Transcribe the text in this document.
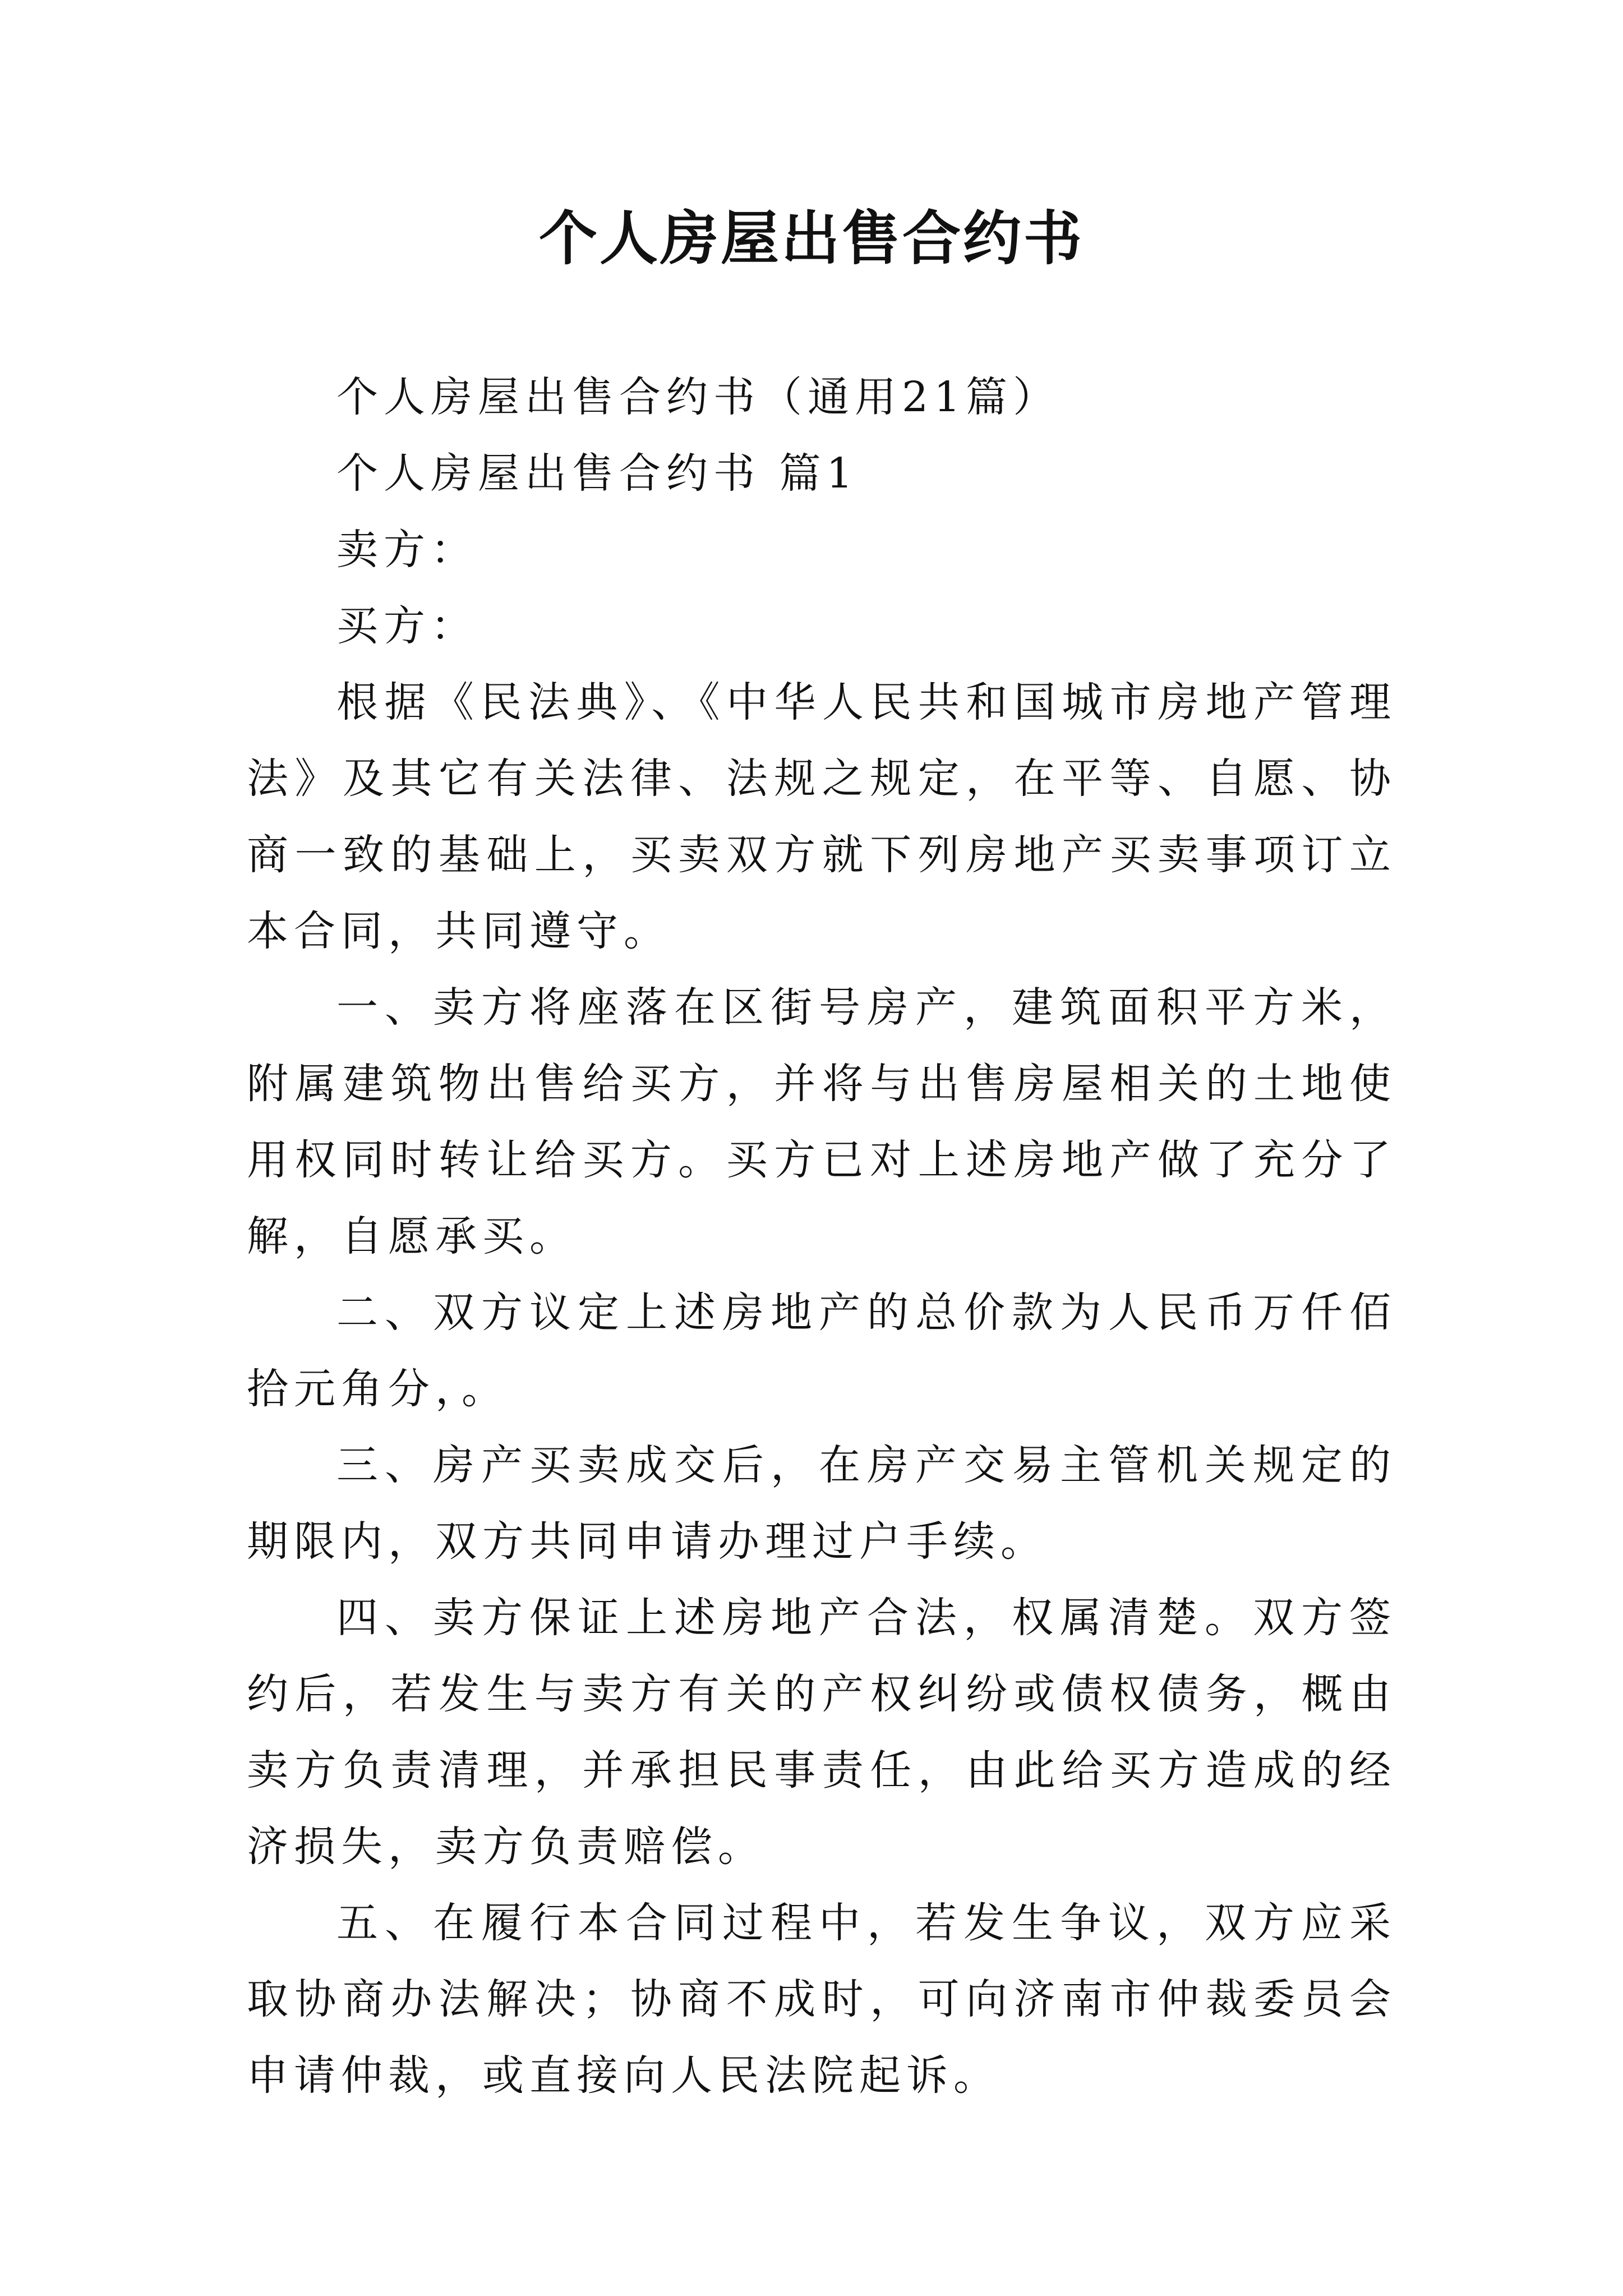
个人房屋出售合约书

个人房屋出售合约书（通用21篇）

个人房屋出售合约书 篇1

卖方：

买方：

根据《民法典》、《中华人民共和国城市房地产管理法》及其它有关法律、法规之规定，在平等、自愿、协商一致的基础上，买卖双方就下列房地产买卖事项订立本合同，共同遵守。

一、卖方将座落在区街号房产，建筑面积平方米，附属建筑物出售给买方，并将与出售房屋相关的土地使用权同时转让给买方。买方已对上述房地产做了充分了解，自愿承买。

二、双方议定上述房地产的总价款为人民币万仟佰拾元角分，。

三、房产买卖成交后，在房产交易主管机关规定的期限内，双方共同申请办理过户手续。

四、卖方保证上述房地产合法，权属清楚。双方签约后，若发生与卖方有关的产权纠纷或债权债务，概由卖方负责清理，并承担民事责任，由此给买方造成的经济损失，卖方负责赔偿。

五、在履行本合同过程中，若发生争议，双方应采取协商办法解决；协商不成时，可向济南市仲裁委员会申请仲裁，或直接向人民法院起诉。
